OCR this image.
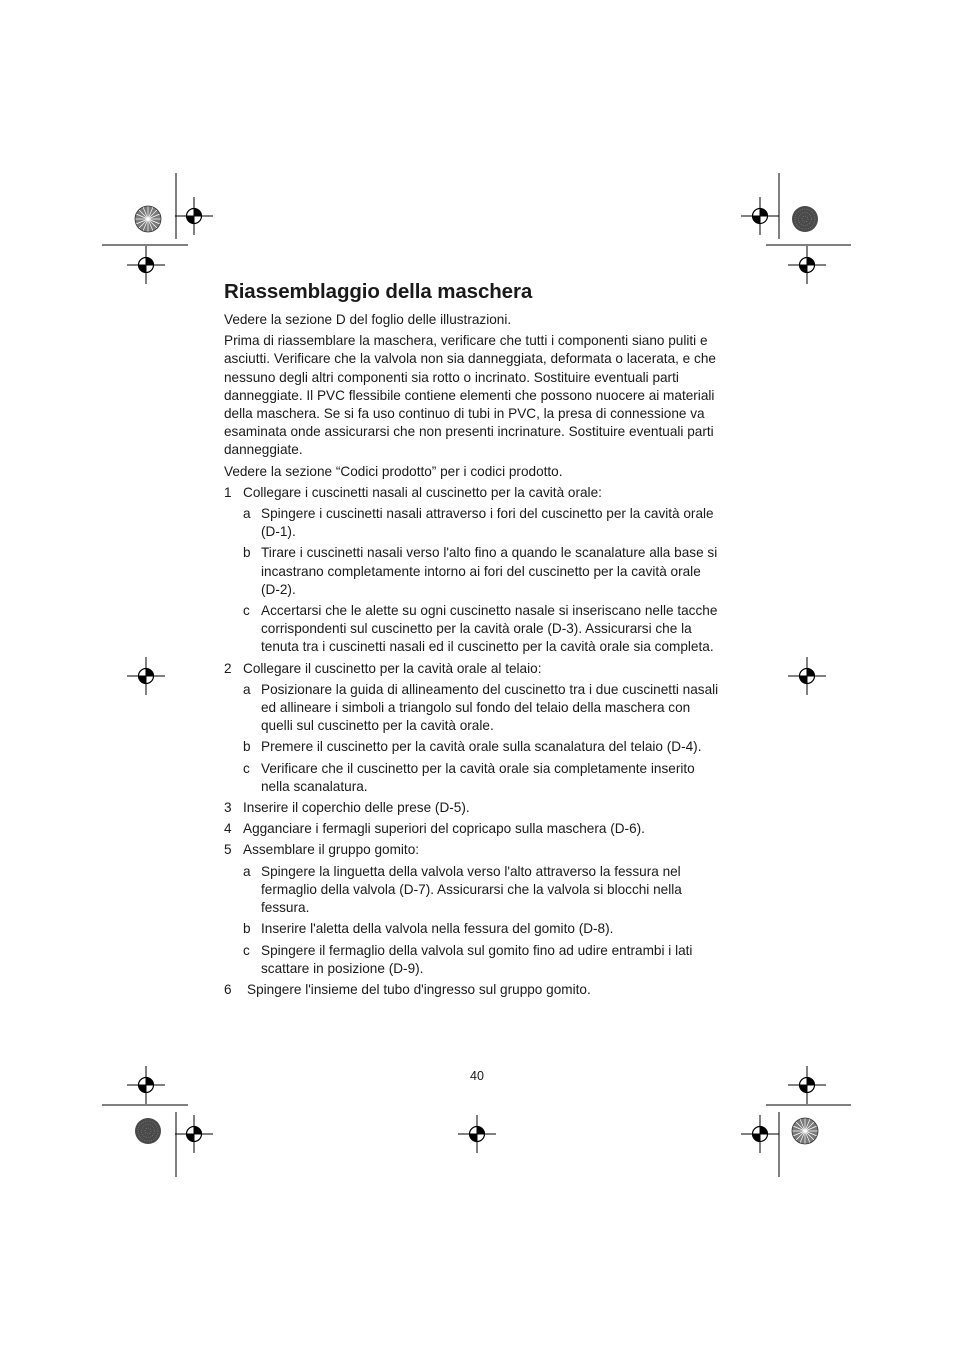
Riassemblaggio della maschera

Vedere la sezione D del foglio delle illustrazioni.

Prima di riassemblare la maschera, verificare che tutti i componenti siano puliti e asciutti. Verificare che la valvola non sia danneggiata, deformata o lacerata, e che nessuno degli altri componenti sia rotto o incrinato. Sostituire eventuali parti danneggiate. Il PVC flessibile contiene elementi che possono nuocere ai materiali della maschera. Se si fa uso continuo di tubi in PVC, la presa di connessione va esaminata onde assicurarsi che non presenti incrinature. Sostituire eventuali parti danneggiate.

Vedere la sezione “Codici prodotto” per i codici prodotto.

1 Collegare i cuscinetti nasali al cuscinetto per la cavità orale:
a Spingere i cuscinetti nasali attraverso i fori del cuscinetto per la cavità orale (D-1).
b Tirare i cuscinetti nasali verso l'alto fino a quando le scanalature alla base si incastrano completamente intorno ai fori del cuscinetto per la cavità orale (D-2).
c Accertarsi che le alette su ogni cuscinetto nasale si inseriscano nelle tacche corrispondenti sul cuscinetto per la cavità orale (D-3). Assicurarsi che la tenuta tra i cuscinetti nasali ed il cuscinetto per la cavità orale sia completa.
2 Collegare il cuscinetto per la cavità orale al telaio:
a Posizionare la guida di allineamento del cuscinetto tra i due cuscinetti nasali ed allineare i simboli a triangolo sul fondo del telaio della maschera con quelli sul cuscinetto per la cavità orale.
b Premere il cuscinetto per la cavità orale sulla scanalatura del telaio (D-4).
c Verificare che il cuscinetto per la cavità orale sia completamente inserito nella scanalatura.
3 Inserire il coperchio delle prese (D-5).
4 Agganciare i fermagli superiori del copricapo sulla maschera (D-6).
5 Assemblare il gruppo gomito:
a Spingere la linguetta della valvola verso l'alto attraverso la fessura nel fermaglio della valvola (D-7). Assicurarsi che la valvola si blocchi nella fessura.
b Inserire l'aletta della valvola nella fessura del gomito (D-8).
c Spingere il fermaglio della valvola sul gomito fino ad udire entrambi i lati scattare in posizione (D-9).
6 Spingere l'insieme del tubo d'ingresso sul gruppo gomito.
40
